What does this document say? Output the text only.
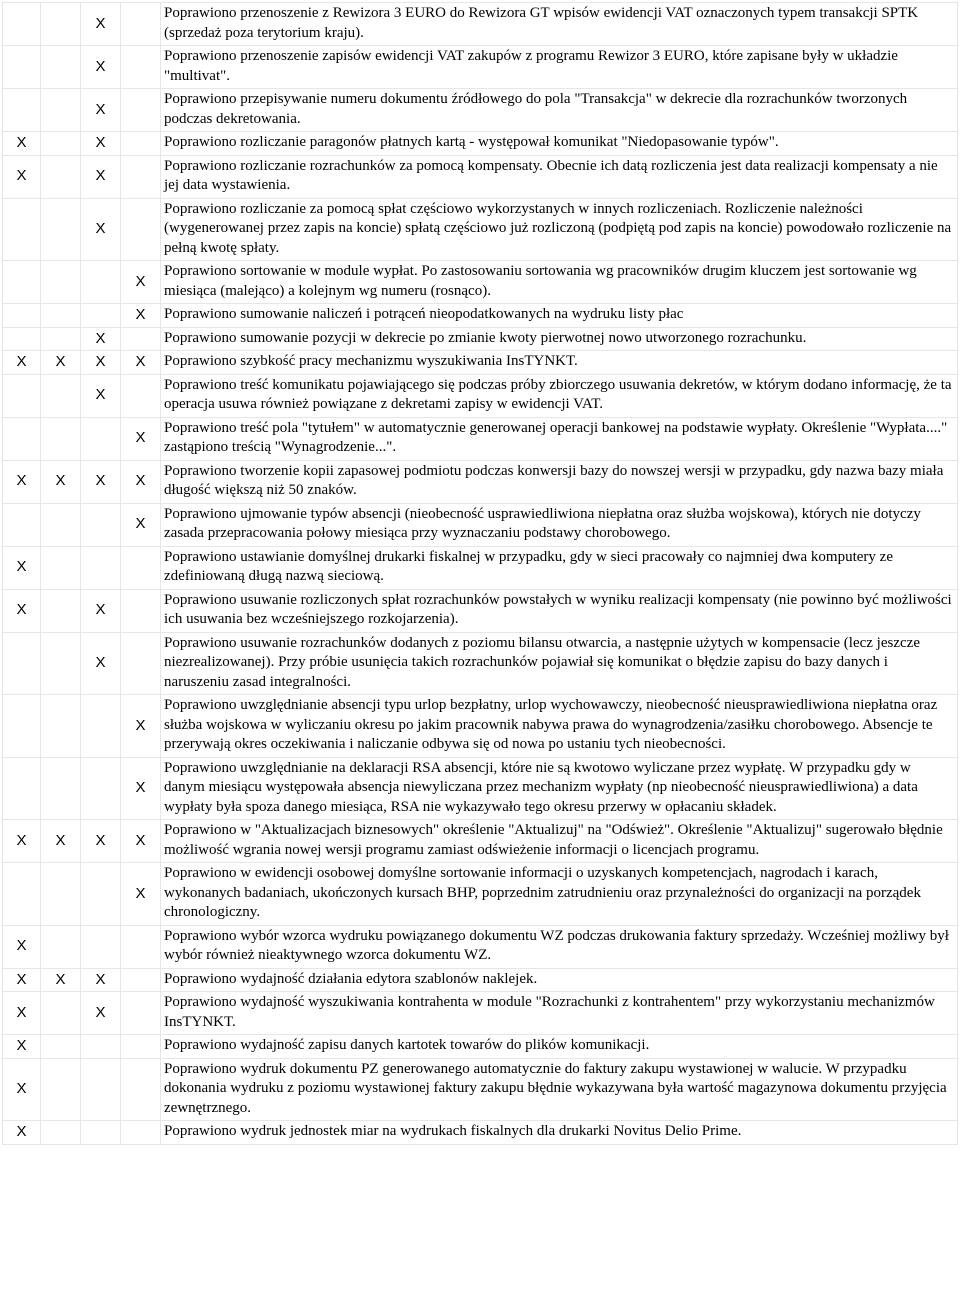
		X		Poprawiono przenoszenie z Rewizora 3 EURO do Rewizora GT wpisów ewidencji VAT oznaczonych typem transakcji SPTK (sprzedaż poza terytorium kraju).
		X		Poprawiono przenoszenie zapisów ewidencji VAT zakupów z programu Rewizor 3 EURO, które zapisane były w układzie "multivat".
		X		Poprawiono przepisywanie numeru dokumentu źródłowego do pola "Transakcja" w dekrecie dla rozrachunków tworzonych podczas dekretowania.
X		X		Poprawiono rozliczanie paragonów płatnych kartą - występował komunikat "Niedopasowanie typów".
X		X		Poprawiono rozliczanie rozrachunków za pomocą kompensaty. Obecnie ich datą rozliczenia jest data realizacji kompensaty a nie jej data wystawienia.
		X		Poprawiono rozliczanie za pomocą spłat częściowo wykorzystanych w innych rozliczeniach. Rozliczenie należności (wygenerowanej przez zapis na koncie) spłatą częściowo już rozliczoną (podpiętą pod zapis na koncie) powodowało rozliczenie na pełną kwotę spłaty.
			X	Poprawiono sortowanie w module wypłat. Po zastosowaniu sortowania wg pracowników drugim kluczem jest sortowanie wg miesiąca (malejąco) a kolejnym wg numeru (rosnąco).
			X	Poprawiono sumowanie naliczeń i potrąceń nieopodatkowanych na wydruku listy płac
		X		Poprawiono sumowanie pozycji w dekrecie po zmianie kwoty pierwotnej nowo utworzonego rozrachunku.
X	X	X	X	Poprawiono szybkość pracy mechanizmu wyszukiwania InsTYNKT.
		X		Poprawiono treść komunikatu pojawiającego się podczas próby zbiorczego usuwania dekretów, w którym dodano informację, że ta operacja usuwa również powiązane z dekretami zapisy w ewidencji VAT.
			X	Poprawiono treść pola "tytułem" w automatycznie generowanej operacji bankowej na podstawie wypłaty. Określenie "Wypłata...." zastąpiono treścią "Wynagrodzenie...".
X	X	X	X	Poprawiono tworzenie kopii zapasowej podmiotu podczas konwersji bazy do nowszej wersji w przypadku, gdy nazwa bazy miała długość większą niż 50 znaków.
			X	Poprawiono ujmowanie typów absencji (nieobecność usprawiedliwiona niepłatna oraz służba wojskowa), których nie dotyczy zasada przepracowania połowy miesiąca przy wyznaczaniu podstawy chorobowego.
X				Poprawiono ustawianie domyślnej drukarki fiskalnej w przypadku, gdy w sieci pracowały co najmniej dwa komputery ze zdefiniowaną długą nazwą sieciową.
X		X		Poprawiono usuwanie rozliczonych spłat rozrachunków powstałych w wyniku realizacji kompensaty (nie powinno być możliwości ich usuwania bez wcześniejszego rozkojarzenia).
		X		Poprawiono usuwanie rozrachunków dodanych z poziomu bilansu otwarcia, a następnie użytych w kompensacie (lecz jeszcze niezrealizowanej). Przy próbie usunięcia takich rozrachunków pojawiał się komunikat o błędzie zapisu do bazy danych i naruszeniu zasad integralności.
			X	Poprawiono uwzględnianie absencji typu urlop bezpłatny, urlop wychowawczy, nieobecność nieusprawiedliwiona niepłatna oraz służba wojskowa w wyliczaniu okresu po jakim pracownik nabywa prawa do wynagrodzenia/zasiłku chorobowego. Absencje te przerywają okres oczekiwania i naliczanie odbywa się od nowa po ustaniu tych nieobecności.
			X	Poprawiono uwzględnianie na deklaracji RSA absencji, które nie są kwotowo wyliczane przez wypłatę. W przypadku gdy w danym miesiącu występowała absencja niewyliczana przez mechanizm wypłaty (np nieobecność nieusprawiedliwiona) a data wypłaty była spoza danego miesiąca, RSA nie wykazywało tego okresu przerwy w opłacaniu składek.
X	X	X	X	Poprawiono w "Aktualizacjach biznesowych" określenie "Aktualizuj" na "Odśwież". Określenie "Aktualizuj" sugerowało błędnie możliwość wgrania nowej wersji programu zamiast odświeżenie informacji o licencjach programu.
			X	Poprawiono w ewidencji osobowej domyślne sortowanie informacji o uzyskanych kompetencjach, nagrodach i karach, wykonanych badaniach, ukończonych kursach BHP, poprzednim zatrudnieniu oraz przynależności do organizacji na porządek chronologiczny.
X				Poprawiono wybór wzorca wydruku powiązanego dokumentu WZ podczas drukowania faktury sprzedaży. Wcześniej możliwy był wybór również nieaktywnego wzorca dokumentu WZ.
X	X	X		Poprawiono wydajność działania edytora szablonów naklejek.
X		X		Poprawiono wydajność wyszukiwania kontrahenta w module "Rozrachunki z kontrahentem" przy wykorzystaniu mechanizmów InsTYNKT.
X				Poprawiono wydajność zapisu danych kartotek towarów do plików komunikacji.
X				Poprawiono wydruk dokumentu PZ generowanego automatycznie do faktury zakupu wystawionej w walucie. W przypadku dokonania wydruku z poziomu wystawionej faktury zakupu błędnie wykazywana była wartość magazynowa dokumentu przyjęcia zewnętrznego.
X				Poprawiono wydruk jednostek miar na wydrukach fiskalnych dla drukarki Novitus Delio Prime.
